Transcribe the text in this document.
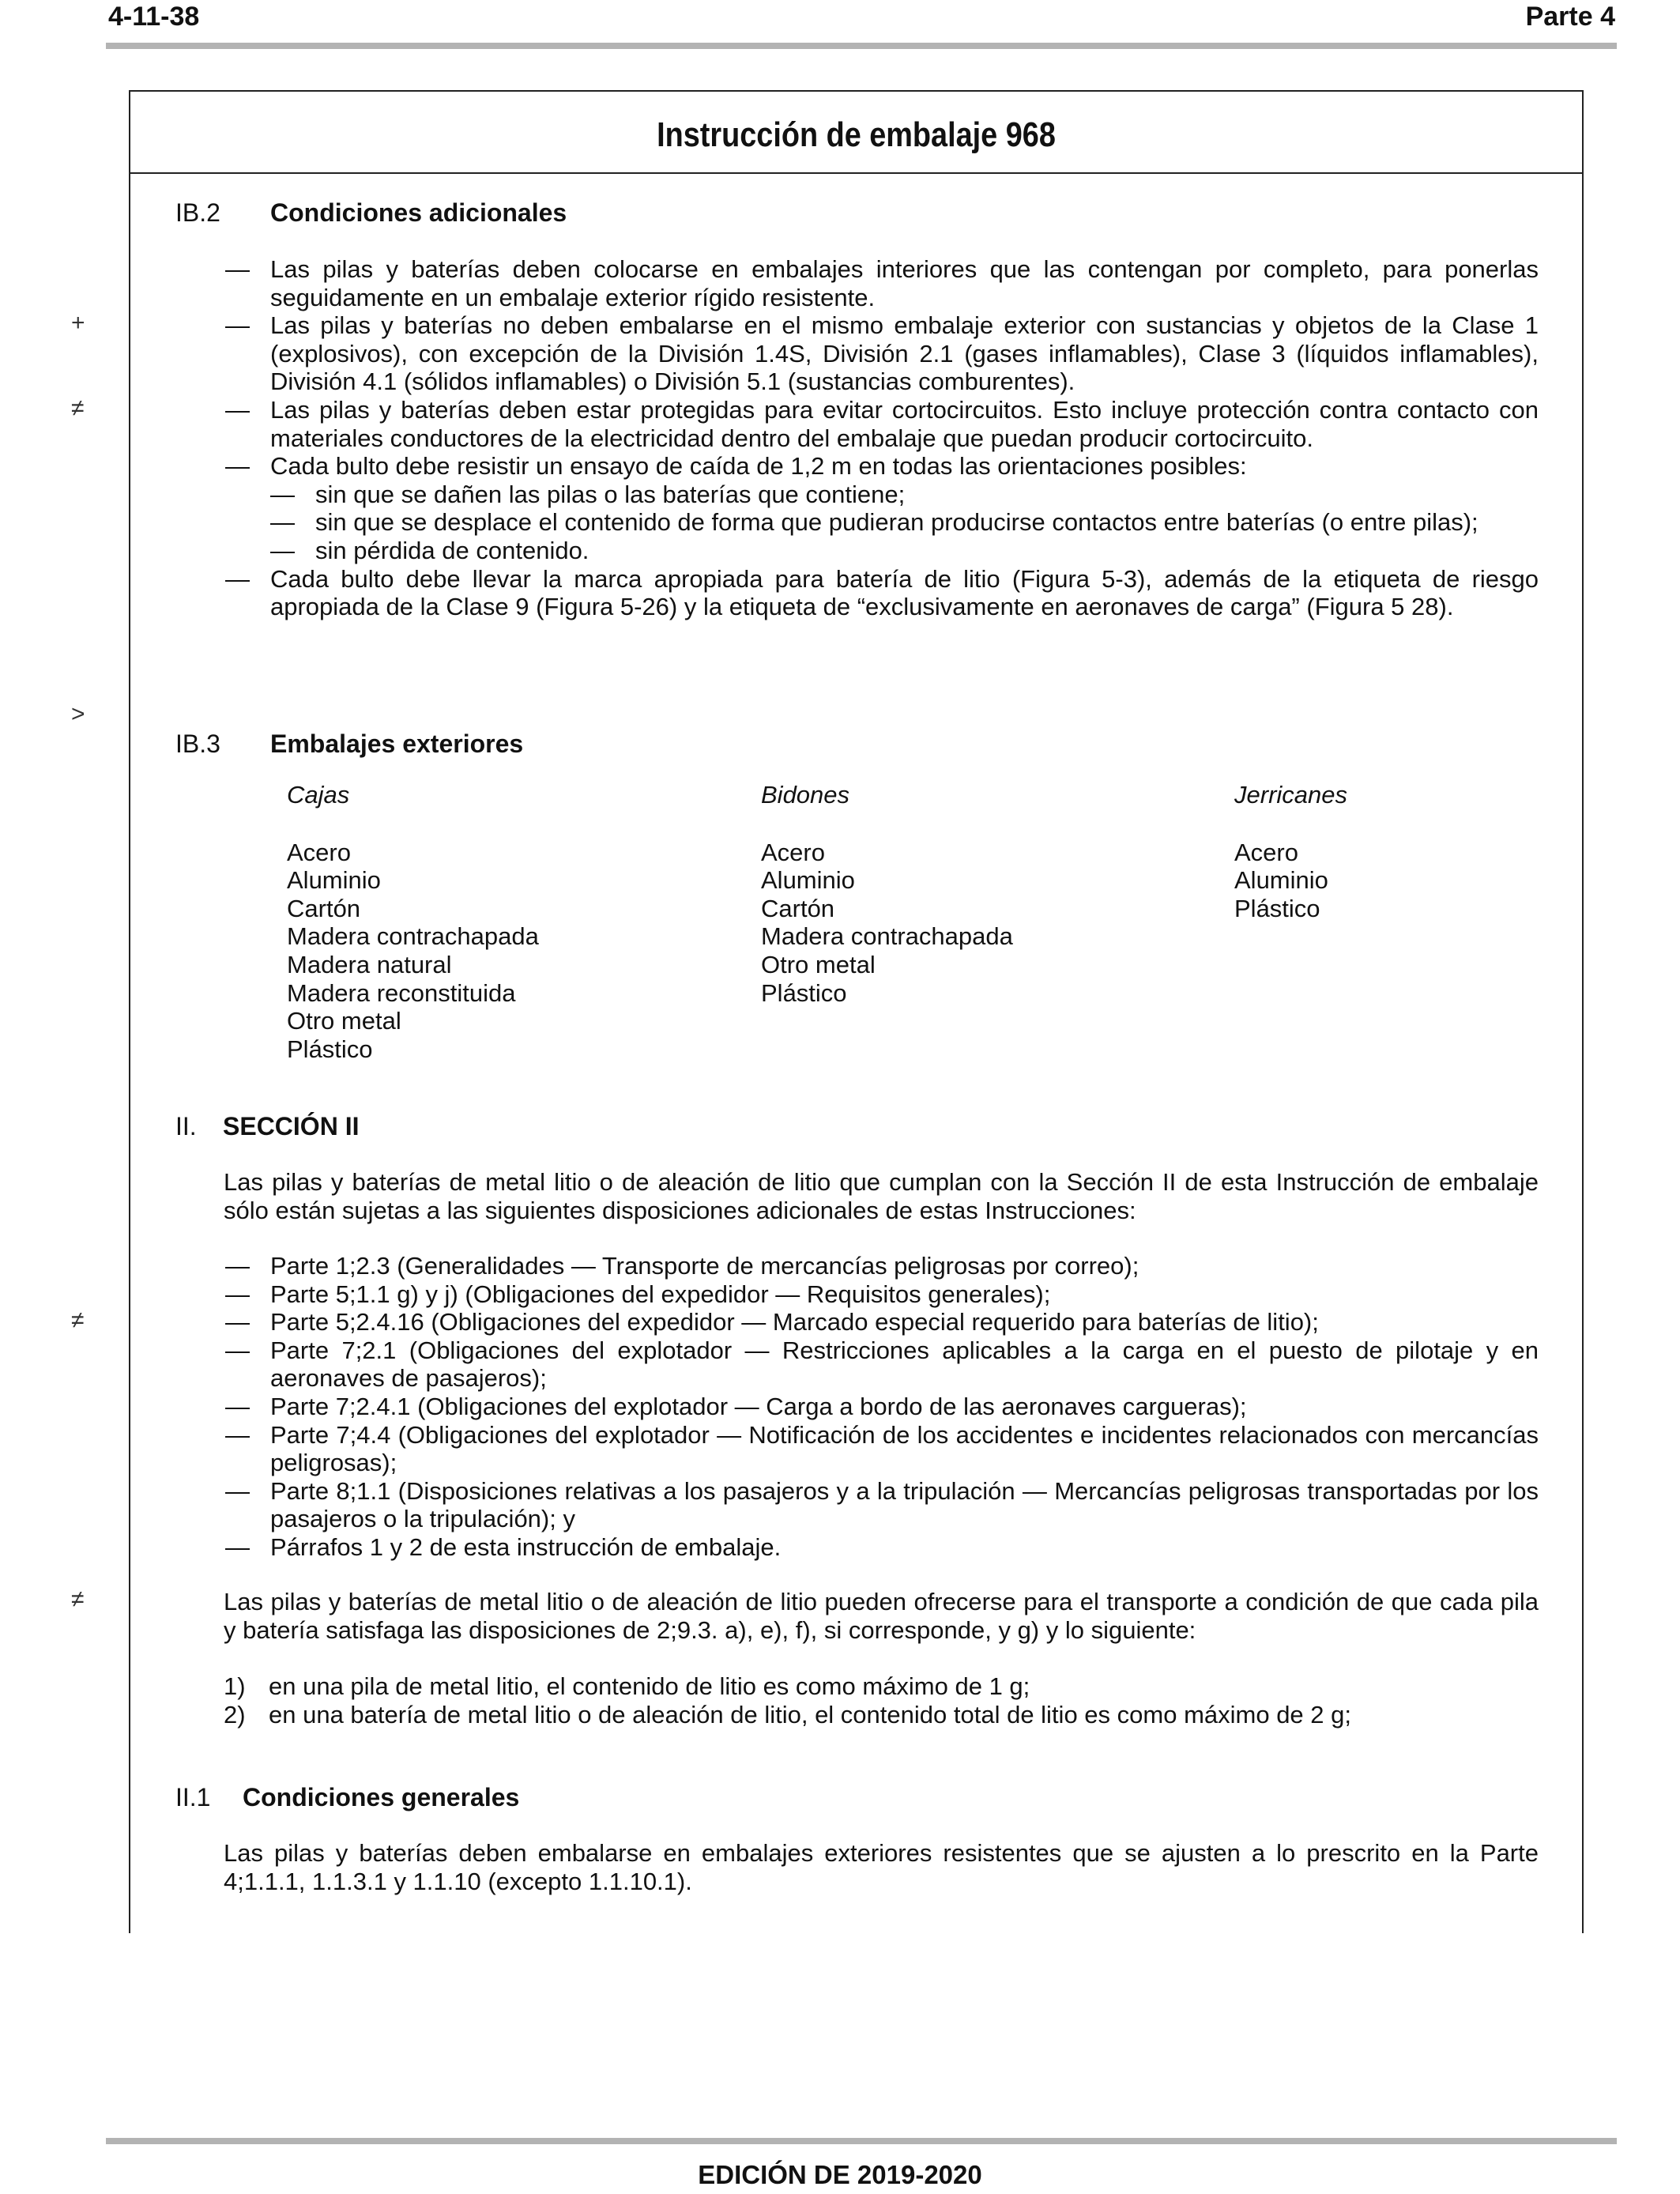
4-11-38	Parte 4
Instrucción de embalaje 968
+
≠
>
≠
≠
IB.2 Condiciones adicionales
— Las pilas y baterías deben colocarse en embalajes interiores que las contengan por completo, para ponerlas seguidamente en un embalaje exterior rígido resistente.
— Las pilas y baterías no deben embalarse en el mismo embalaje exterior con sustancias y objetos de la Clase 1 (explosivos), con excepción de la División 1.4S, División 2.1 (gases inflamables), Clase 3 (líquidos inflamables), División 4.1 (sólidos inflamables) o División 5.1 (sustancias comburentes).
— Las pilas y baterías deben estar protegidas para evitar cortocircuitos. Esto incluye protección contra contacto con materiales conductores de la electricidad dentro del embalaje que puedan producir cortocircuito.
— Cada bulto debe resistir un ensayo de caída de 1,2 m en todas las orientaciones posibles:
— sin que se dañen las pilas o las baterías que contiene;
— sin que se desplace el contenido de forma que pudieran producirse contactos entre baterías (o entre pilas);
— sin pérdida de contenido.
— Cada bulto debe llevar la marca apropiada para batería de litio (Figura 5-3), además de la etiqueta de riesgo apropiada de la Clase 9 (Figura 5-26) y la etiqueta de “exclusivamente en aeronaves de carga” (Figura 5 28).
IB.3 Embalajes exteriores
Cajas
Acero
Aluminio
Cartón
Madera contrachapada
Madera natural
Madera reconstituida
Otro metal
Plástico
Bidones
Acero
Aluminio
Cartón
Madera contrachapada
Otro metal
Plástico
Jerricanes
Acero
Aluminio
Plástico
II. SECCIÓN II
Las pilas y baterías de metal litio o de aleación de litio que cumplan con la Sección II de esta Instrucción de embalaje sólo están sujetas a las siguientes disposiciones adicionales de estas Instrucciones:
— Parte 1;2.3 (Generalidades — Transporte de mercancías peligrosas por correo);
— Parte 5;1.1 g) y j) (Obligaciones del expedidor — Requisitos generales);
— Parte 5;2.4.16 (Obligaciones del expedidor — Marcado especial requerido para baterías de litio);
— Parte 7;2.1 (Obligaciones del explotador — Restricciones aplicables a la carga en el puesto de pilotaje y en aeronaves de pasajeros);
— Parte 7;2.4.1 (Obligaciones del explotador — Carga a bordo de las aeronaves cargueras);
— Parte 7;4.4 (Obligaciones del explotador — Notificación de los accidentes e incidentes relacionados con mercancías peligrosas);
— Parte 8;1.1 (Disposiciones relativas a los pasajeros y a la tripulación — Mercancías peligrosas transportadas por los pasajeros o la tripulación); y
— Párrafos 1 y 2 de esta instrucción de embalaje.
Las pilas y baterías de metal litio o de aleación de litio pueden ofrecerse para el transporte a condición de que cada pila y batería satisfaga las disposiciones de 2;9.3. a), e), f), si corresponde, y g) y lo siguiente:
1) en una pila de metal litio, el contenido de litio es como máximo de 1 g;
2) en una batería de metal litio o de aleación de litio, el contenido total de litio es como máximo de 2 g;
II.1 Condiciones generales
Las pilas y baterías deben embalarse en embalajes exteriores resistentes que se ajusten a lo prescrito en la Parte 4;1.1.1, 1.1.3.1 y 1.1.10 (excepto 1.1.10.1).
EDICIÓN DE 2019-2020
